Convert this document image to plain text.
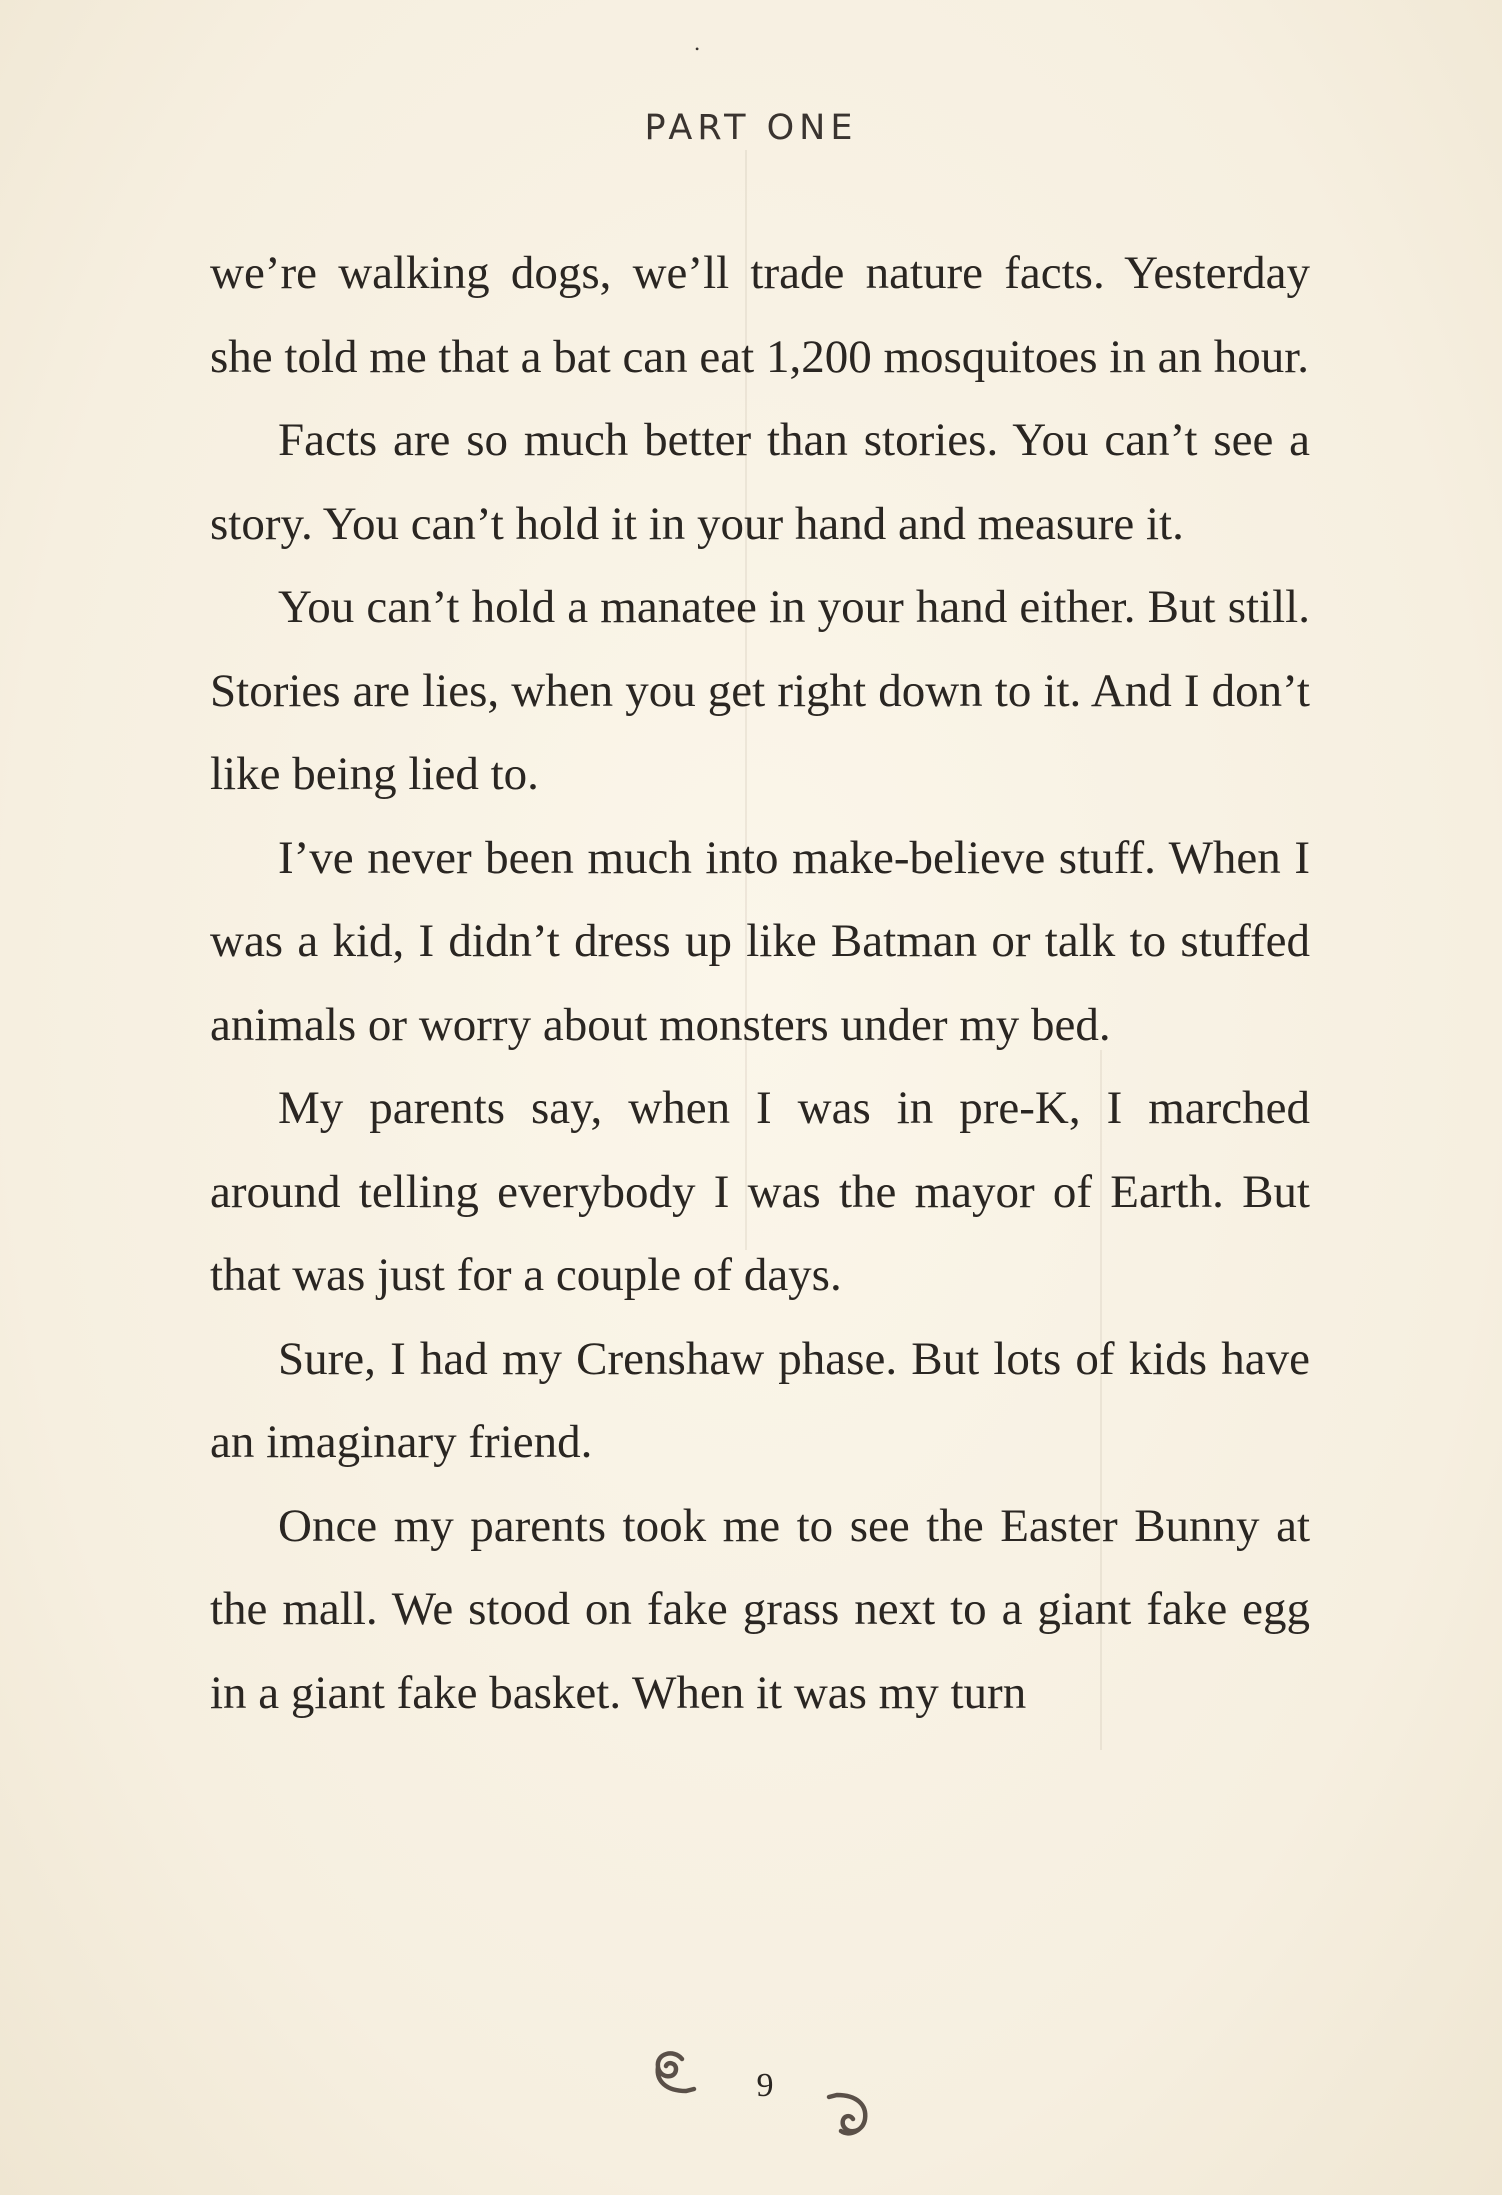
•
PART ONE

we’re walking dogs, we’ll trade nature facts. Yesterday she told me that a bat can eat 1,200 mosquitoes in an hour.

Facts are so much better than stories. You can’t see a story. You can’t hold it in your hand and measure it.

You can’t hold a manatee in your hand either. But still. Stories are lies, when you get right down to it. And I don’t like being lied to.

I’ve never been much into make-believe stuff. When I was a kid, I didn’t dress up like Batman or talk to stuffed animals or worry about monsters under my bed.

My parents say, when I was in pre-K, I marched around telling everybody I was the mayor of Earth. But that was just for a couple of days.

Sure, I had my Crenshaw phase. But lots of kids have an imaginary friend.

Once my parents took me to see the Easter Bunny at the mall. We stood on fake grass next to a giant fake egg in a giant fake basket. When it was my turn

9
